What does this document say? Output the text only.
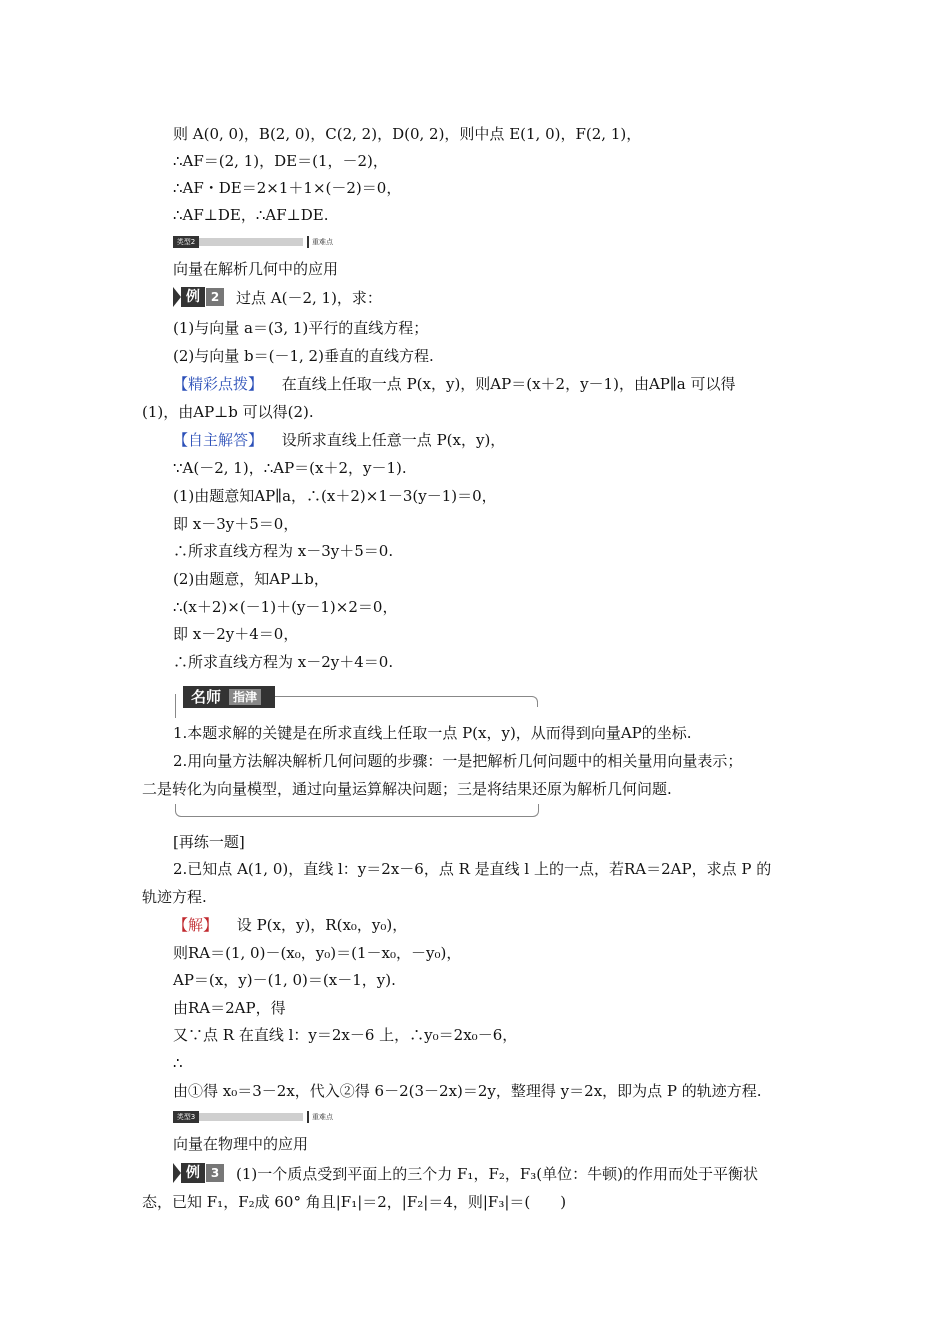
则 A(0, 0)，B(2, 0)，C(2, 2)，D(0, 2)，则中点 E(1, 0)，F(2, 1)，
∴AF＝(2, 1)，DE＝(1，－2)，
∴AF・DE＝2×1＋1×(－2)＝0，
∴AF⊥DE，∴AF⊥DE.
类型2	重难点
向量在解析几何中的应用
例 2	过点 A(－2, 1)，求：
(1)与向量 a＝(3, 1)平行的直线方程；
(2)与向量 b＝(－1, 2)垂直的直线方程.
【精彩点拨】 在直线上任取一点 P(x，y)，则AP＝(x＋2，y－1)，由AP∥a 可以得
(1)，由AP⊥b 可以得(2).
【自主解答】 设所求直线上任意一点 P(x，y)，
∵A(－2, 1)，∴AP＝(x＋2，y－1).
(1)由题意知AP∥a，∴(x＋2)×1－3(y－1)＝0，
即 x－3y＋5＝0，
∴所求直线方程为 x－3y＋5＝0.
(2)由题意，知AP⊥b，
∴(x＋2)×(－1)＋(y－1)×2＝0，
即 x－2y＋4＝0，
∴所求直线方程为 x－2y＋4＝0.
名师 指津
1.本题求解的关键是在所求直线上任取一点 P(x，y)，从而得到向量AP的坐标.
2.用向量方法解决解析几何问题的步骤：一是把解析几何问题中的相关量用向量表示；
二是转化为向量模型，通过向量运算解决问题；三是将结果还原为解析几何问题.
[再练一题]
2.已知点 A(1, 0)，直线 l：y＝2x－6，点 R 是直线 l 上的一点，若RA＝2AP，求点 P 的
轨迹方程.
【解】 设 P(x，y)，R(x₀，y₀)，
则RA＝(1, 0)－(x₀，y₀)＝(1－x₀，－y₀)，
AP＝(x，y)－(1, 0)＝(x－1，y).
由RA＝2AP，得
又∵点 R 在直线 l：y＝2x－6 上，∴y₀＝2x₀－6，
∴
由①得 x₀＝3－2x，代入②得 6－2(3－2x)＝2y，整理得 y＝2x，即为点 P 的轨迹方程.
类型3	重难点
向量在物理中的应用
例 3	(1)一个质点受到平面上的三个力 F₁，F₂，F₃(单位：牛顿)的作用而处于平衡状
态，已知 F₁，F₂成 60° 角且|F₁|＝2，|F₂|＝4，则|F₃|＝(　　)
